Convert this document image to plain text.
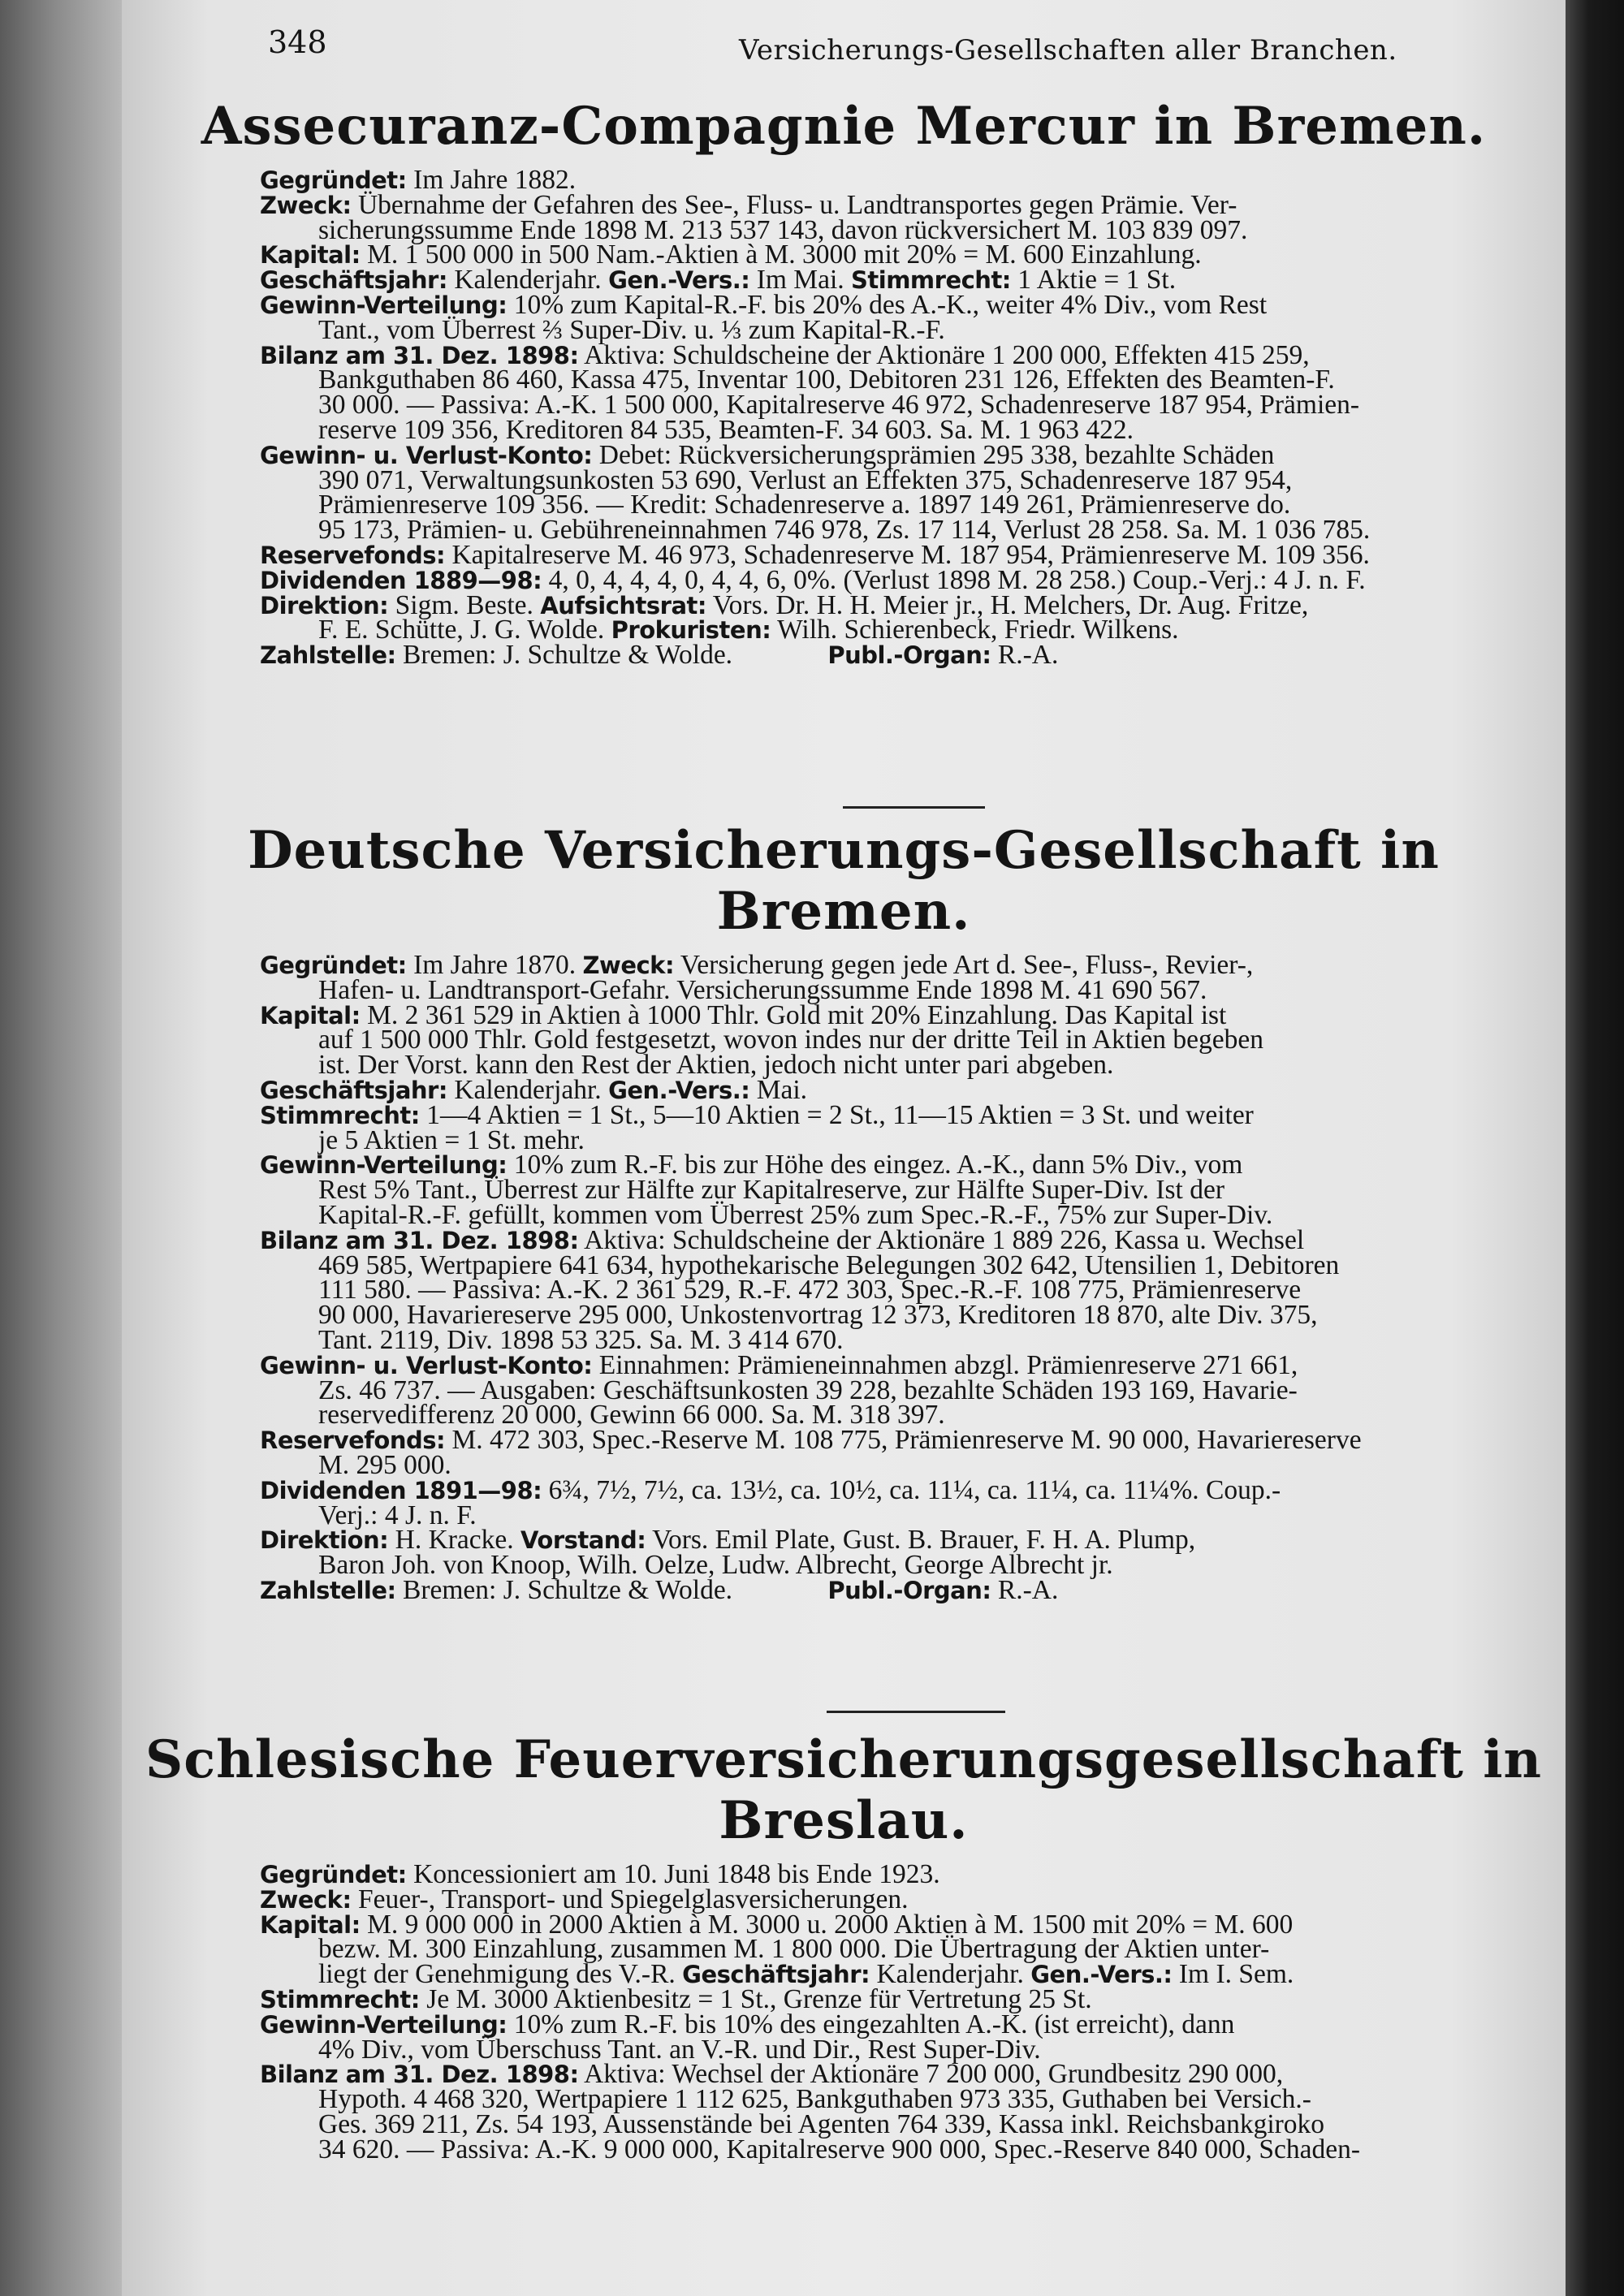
348	Versicherungs-Gesellschaften aller Branchen.
Assecuranz-Compagnie Mercur in Bremen.

Gegründet: Im Jahre 1882.

Zweck: Übernahme der Gefahren des See-, Fluss- u. Landtransportes gegen Prämie. Ver-
sicherungssumme Ende 1898 M. 213 537 143, davon rückversichert M. 103 839 097.

Kapital: M. 1 500 000 in 500 Nam.-Aktien à M. 3000 mit 20% = M. 600 Einzahlung.

Geschäftsjahr: Kalenderjahr. Gen.-Vers.: Im Mai. Stimmrecht: 1 Aktie = 1 St.

Gewinn-Verteilung: 10% zum Kapital-R.-F. bis 20% des A.-K., weiter 4% Div., vom Rest
Tant., vom Überrest ⅔ Super-Div. u. ⅓ zum Kapital-R.-F.

Bilanz am 31. Dez. 1898: Aktiva: Schuldscheine der Aktionäre 1 200 000, Effekten 415 259,
Bankguthaben 86 460, Kassa 475, Inventar 100, Debitoren 231 126, Effekten des Beamten-F.
30 000. — Passiva: A.-K. 1 500 000, Kapitalreserve 46 972, Schadenreserve 187 954, Prämien-
reserve 109 356, Kreditoren 84 535, Beamten-F. 34 603. Sa. M. 1 963 422.

Gewinn- u. Verlust-Konto: Debet: Rückversicherungsprämien 295 338, bezahlte Schäden
390 071, Verwaltungsunkosten 53 690, Verlust an Effekten 375, Schadenreserve 187 954,
Prämienreserve 109 356. — Kredit: Schadenreserve a. 1897 149 261, Prämienreserve do.
95 173, Prämien- u. Gebühreneinnahmen 746 978, Zs. 17 114, Verlust 28 258. Sa. M. 1 036 785.

Reservefonds: Kapitalreserve M. 46 973, Schadenreserve M. 187 954, Prämienreserve M. 109 356.

Dividenden 1889—98: 4, 0, 4, 4, 4, 0, 4, 4, 6, 0%. (Verlust 1898 M. 28 258.) Coup.-Verj.: 4 J. n. F.

Direktion: Sigm. Beste. Aufsichtsrat: Vors. Dr. H. H. Meier jr., H. Melchers, Dr. Aug. Fritze,
F. E. Schütte, J. G. Wolde. Prokuristen: Wilh. Schierenbeck, Friedr. Wilkens.

Zahlstelle: Bremen: J. Schultze & Wolde.              Publ.-Organ: R.-A.

Deutsche Versicherungs-Gesellschaft in Bremen.

Gegründet: Im Jahre 1870. Zweck: Versicherung gegen jede Art d. See-, Fluss-, Revier-,
Hafen- u. Landtransport-Gefahr. Versicherungssumme Ende 1898 M. 41 690 567.

Kapital: M. 2 361 529 in Aktien à 1000 Thlr. Gold mit 20% Einzahlung. Das Kapital ist
auf 1 500 000 Thlr. Gold festgesetzt, wovon indes nur der dritte Teil in Aktien begeben
ist. Der Vorst. kann den Rest der Aktien, jedoch nicht unter pari abgeben.

Geschäftsjahr: Kalenderjahr. Gen.-Vers.: Mai.

Stimmrecht: 1—4 Aktien = 1 St., 5—10 Aktien = 2 St., 11—15 Aktien = 3 St. und weiter
je 5 Aktien = 1 St. mehr.

Gewinn-Verteilung: 10% zum R.-F. bis zur Höhe des eingez. A.-K., dann 5% Div., vom
Rest 5% Tant., Überrest zur Hälfte zur Kapitalreserve, zur Hälfte Super-Div. Ist der
Kapital-R.-F. gefüllt, kommen vom Überrest 25% zum Spec.-R.-F., 75% zur Super-Div.

Bilanz am 31. Dez. 1898: Aktiva: Schuldscheine der Aktionäre 1 889 226, Kassa u. Wechsel
469 585, Wertpapiere 641 634, hypothekarische Belegungen 302 642, Utensilien 1, Debitoren
111 580. — Passiva: A.-K. 2 361 529, R.-F. 472 303, Spec.-R.-F. 108 775, Prämienreserve
90 000, Havariereserve 295 000, Unkostenvortrag 12 373, Kreditoren 18 870, alte Div. 375,
Tant. 2119, Div. 1898 53 325. Sa. M. 3 414 670.

Gewinn- u. Verlust-Konto: Einnahmen: Prämieneinnahmen abzgl. Prämienreserve 271 661,
Zs. 46 737. — Ausgaben: Geschäftsunkosten 39 228, bezahlte Schäden 193 169, Havarie-
reservedifferenz 20 000, Gewinn 66 000. Sa. M. 318 397.

Reservefonds: M. 472 303, Spec.-Reserve M. 108 775, Prämienreserve M. 90 000, Havariereserve
M. 295 000.

Dividenden 1891—98: 6¾, 7½, 7½, ca. 13½, ca. 10½, ca. 11¼, ca. 11¼, ca. 11¼%. Coup.-
Verj.: 4 J. n. F.

Direktion: H. Kracke. Vorstand: Vors. Emil Plate, Gust. B. Brauer, F. H. A. Plump,
Baron Joh. von Knoop, Wilh. Oelze, Ludw. Albrecht, George Albrecht jr.

Zahlstelle: Bremen: J. Schultze & Wolde.              Publ.-Organ: R.-A.

Schlesische Feuerversicherungsgesellschaft in Breslau.

Gegründet: Koncessioniert am 10. Juni 1848 bis Ende 1923.

Zweck: Feuer-, Transport- und Spiegelglasversicherungen.

Kapital: M. 9 000 000 in 2000 Aktien à M. 3000 u. 2000 Aktien à M. 1500 mit 20% = M. 600
bezw. M. 300 Einzahlung, zusammen M. 1 800 000. Die Übertragung der Aktien unter-
liegt der Genehmigung des V.-R. Geschäftsjahr: Kalenderjahr. Gen.-Vers.: Im I. Sem.

Stimmrecht: Je M. 3000 Aktienbesitz = 1 St., Grenze für Vertretung 25 St.

Gewinn-Verteilung: 10% zum R.-F. bis 10% des eingezahlten A.-K. (ist erreicht), dann
4% Div., vom Überschuss Tant. an V.-R. und Dir., Rest Super-Div.

Bilanz am 31. Dez. 1898: Aktiva: Wechsel der Aktionäre 7 200 000, Grundbesitz 290 000,
Hypoth. 4 468 320, Wertpapiere 1 112 625, Bankguthaben 973 335, Guthaben bei Versich.-
Ges. 369 211, Zs. 54 193, Aussenstände bei Agenten 764 339, Kassa inkl. Reichsbankgiroko
34 620. — Passiva: A.-K. 9 000 000, Kapitalreserve 900 000, Spec.-Reserve 840 000, Schaden-
